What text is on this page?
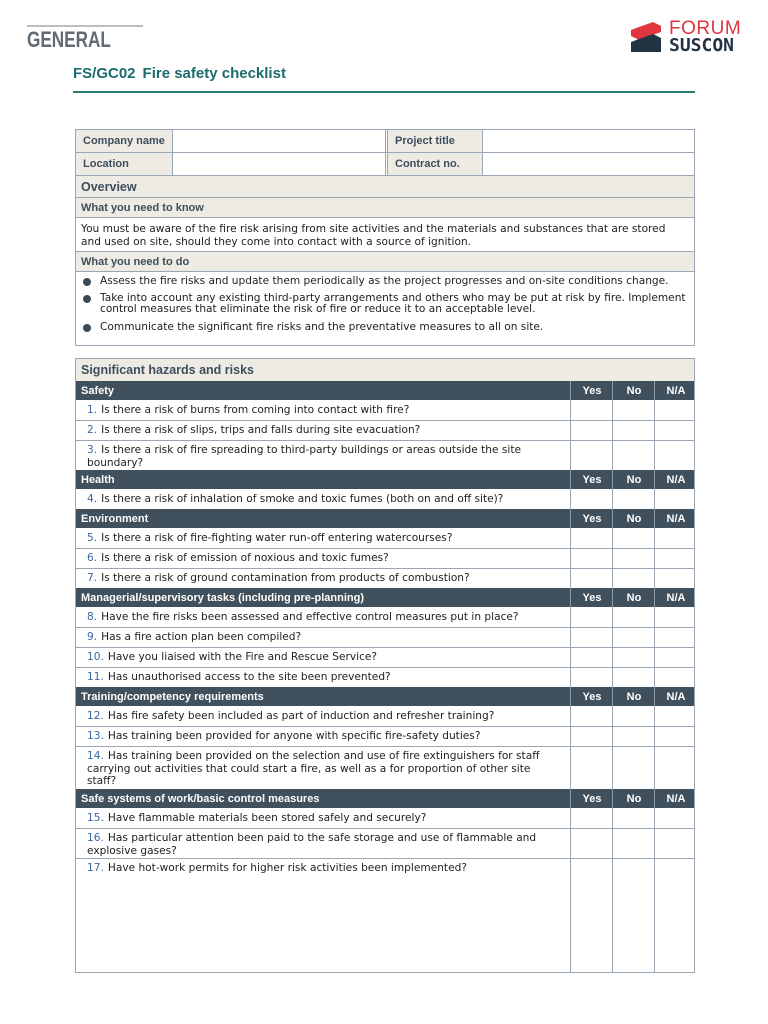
GENERAL	FORUM
SUSCON
FS/GC02 Fire safety checklist
Company name	Project title
Location	Contract no.
Overview
What you need to know
You must be aware of the fire risk arising from site activities and the materials and substances that are stored and used on site, should they come into contact with a source of ignition.
What you need to do
Assess the fire risks and update them periodically as the project progresses and on-site conditions change.
Take into account any existing third-party arrangements and others who may be put at risk by fire. Implement control measures that eliminate the risk of fire or reduce it to an acceptable level.
Communicate the significant fire risks and the preventative measures to all on site.
Significant hazards and risks
Safety	Yes	No	N/A
1. Is there a risk of burns from coming into contact with fire?
2. Is there a risk of slips, trips and falls during site evacuation?
3. Is there a risk of fire spreading to third-party buildings or areas outside the site boundary?
Health	Yes	No	N/A
4. Is there a risk of inhalation of smoke and toxic fumes (both on and off site)?
Environment	Yes	No	N/A
5. Is there a risk of fire-fighting water run-off entering watercourses?
6. Is there a risk of emission of noxious and toxic fumes?
7. Is there a risk of ground contamination from products of combustion?
Managerial/supervisory tasks (including pre-planning)	Yes	No	N/A
8. Have the fire risks been assessed and effective control measures put in place?
9. Has a fire action plan been compiled?
10. Have you liaised with the Fire and Rescue Service?
11. Has unauthorised access to the site been prevented?
Training/competency requirements	Yes	No	N/A
12. Has fire safety been included as part of induction and refresher training?
13. Has training been provided for anyone with specific fire-safety duties?
14. Has training been provided on the selection and use of fire extinguishers for staff carrying out activities that could start a fire, as well as a for proportion of other site staff?
Safe systems of work/basic control measures	Yes	No	N/A
15. Have flammable materials been stored safely and securely?
16. Has particular attention been paid to the safe storage and use of flammable and explosive gases?
17. Have hot-work permits for higher risk activities been implemented?
